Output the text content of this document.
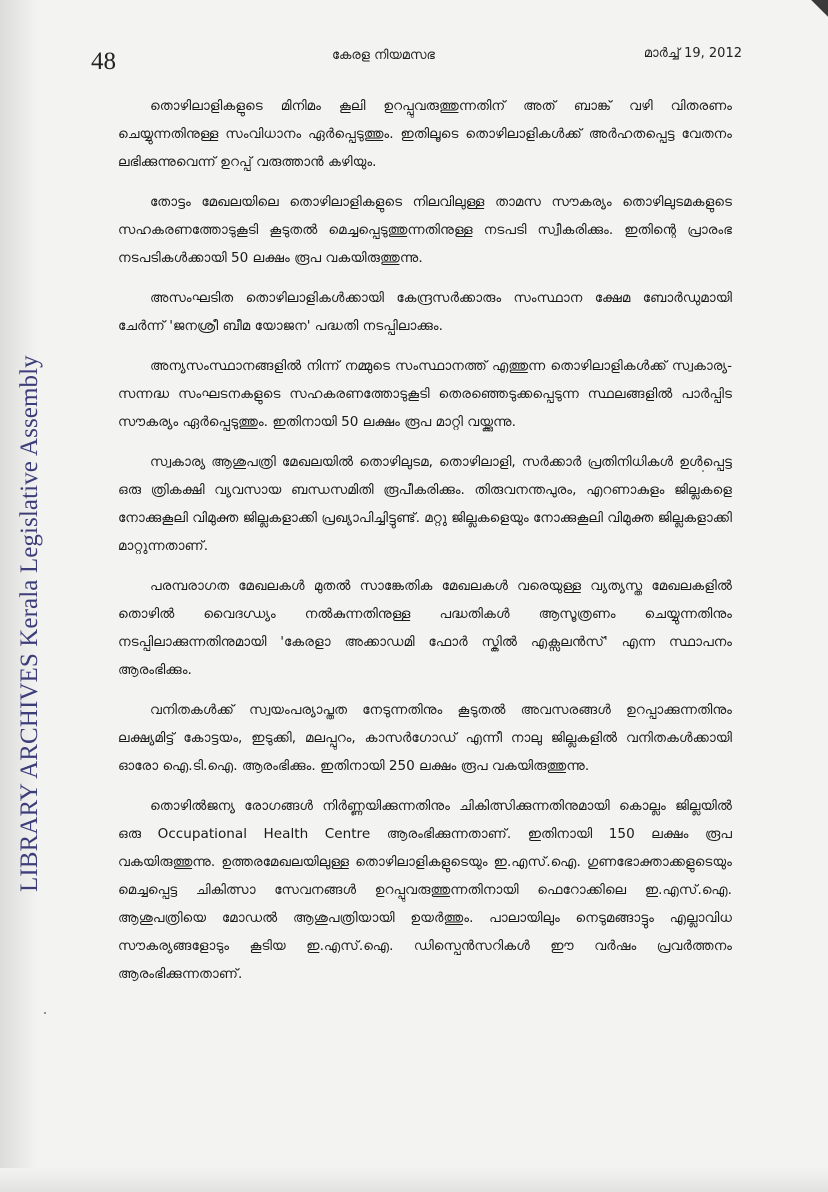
LIBRARY ARCHIVES Kerala Legislative Assembly
48	കേരള നിയമസഭ	മാർച്ച് 19, 2012

തൊഴിലാളികളുടെ മിനിമം കൂലി ഉറപ്പുവരുത്തുന്നതിന് അത് ബാങ്ക് വഴി വിതരണം ചെയ്യുന്നതിനുള്ള സംവിധാനം ഏർപ്പെടുത്തും. ഇതിലൂടെ തൊഴിലാളികൾക്ക് അർഹതപ്പെട്ട വേതനം ലഭിക്കുന്നുവെന്ന് ഉറപ്പ് വരുത്താൻ കഴിയും.

തോട്ടം മേഖലയിലെ തൊഴിലാളികളുടെ നിലവിലുള്ള താമസ സൗകര്യം തൊഴിലുടമകളുടെ സഹകരണത്തോടുകൂടി കൂടുതൽ മെച്ചപ്പെടുത്തുന്നതിനുള്ള നടപടി സ്വീകരിക്കും. ഇതിന്റെ പ്രാരംഭ നടപടികൾക്കായി 50 ലക്ഷം രൂപ വകയിരുത്തുന്നു.

അസംഘടിത തൊഴിലാളികൾക്കായി കേന്ദ്രസർക്കാരും സംസ്ഥാന ക്ഷേമ ബോർഡുമായി ചേർന്ന് 'ജനശ്രീ ബീമ യോജന' പദ്ധതി നടപ്പിലാക്കും.

അന്യസംസ്ഥാനങ്ങളിൽ നിന്ന് നമ്മുടെ സംസ്ഥാനത്ത് എത്തുന്ന തൊഴിലാളികൾക്ക് സ്വകാര്യ-സന്നദ്ധ സംഘടനകളുടെ സഹകരണത്തോടുകൂടി തെരഞ്ഞെടുക്കപ്പെടുന്ന സ്ഥലങ്ങളിൽ പാർപ്പിട സൗകര്യം ഏർപ്പെടുത്തും. ഇതിനായി 50 ലക്ഷം രൂപ മാറ്റി വയ്ക്കുന്നു.

സ്വകാര്യ ആശുപത്രി മേഖലയിൽ തൊഴിലുടമ, തൊഴിലാളി, സർക്കാർ പ്രതിനിധികൾ ഉൾപ്പെട്ട ഒരു ത്രികക്ഷി വ്യവസായ ബന്ധസമിതി രൂപീകരിക്കും. തിരുവനന്തപുരം, എറണാകുളം ജില്ലകളെ നോക്കുകൂലി വിമുക്ത ജില്ലകളാക്കി പ്രഖ്യാപിച്ചിട്ടുണ്ട്. മറ്റു ജില്ലകളെയും നോക്കുകൂലി വിമുക്ത ജില്ലകളാക്കി മാറ്റുന്നതാണ്.

പരമ്പരാഗത മേഖലകൾ മുതൽ സാങ്കേതിക മേഖലകൾ വരെയുള്ള വ്യത്യസ്ത മേഖലകളിൽ തൊഴിൽ വൈദഗ്ധ്യം നൽകുന്നതിനുള്ള പദ്ധതികൾ ആസൂത്രണം ചെയ്യുന്നതിനും നടപ്പിലാക്കുന്നതിനുമായി 'കേരളാ അക്കാഡമി ഫോർ സ്കിൽ എക്സലൻസ്' എന്ന സ്ഥാപനം ആരംഭിക്കും.

വനിതകൾക്ക് സ്വയംപര്യാപ്തത നേടുന്നതിനും കൂടുതൽ അവസരങ്ങൾ ഉറപ്പാക്കുന്നതിനും ലക്ഷ്യമിട്ട് കോട്ടയം, ഇടുക്കി, മലപ്പുറം, കാസർഗോഡ് എന്നീ നാലു ജില്ലകളിൽ വനിതകൾക്കായി ഓരോ ഐ.ടി.ഐ. ആരംഭിക്കും. ഇതിനായി 250 ലക്ഷം രൂപ വകയിരുത്തുന്നു.

തൊഴിൽജന്യ രോഗങ്ങൾ നിർണ്ണയിക്കുന്നതിനും ചികിത്സിക്കുന്നതിനുമായി കൊല്ലം ജില്ലയിൽ ഒരു Occupational Health Centre ആരംഭിക്കുന്നതാണ്. ഇതിനായി 150 ലക്ഷം രൂപ വകയിരുത്തുന്നു. ഉത്തരമേഖലയിലുള്ള തൊഴിലാളികളുടെയും ഇ.എസ്.ഐ. ഗുണഭോക്താക്കളുടെയും മെച്ചപ്പെട്ട ചികിത്സാ സേവനങ്ങൾ ഉറപ്പുവരുത്തുന്നതിനായി ഫെറോക്കിലെ ഇ.എസ്.ഐ. ആശുപത്രിയെ മോഡൽ ആശുപത്രിയായി ഉയർത്തും. പാലായിലും നെടുമങ്ങാട്ടും എല്ലാവിധ സൗകര്യങ്ങളോടും കൂടിയ ഇ.എസ്.ഐ. ഡിസ്പെൻസറികൾ ഈ വർഷം പ്രവർത്തനം ആരംഭിക്കുന്നതാണ്.
